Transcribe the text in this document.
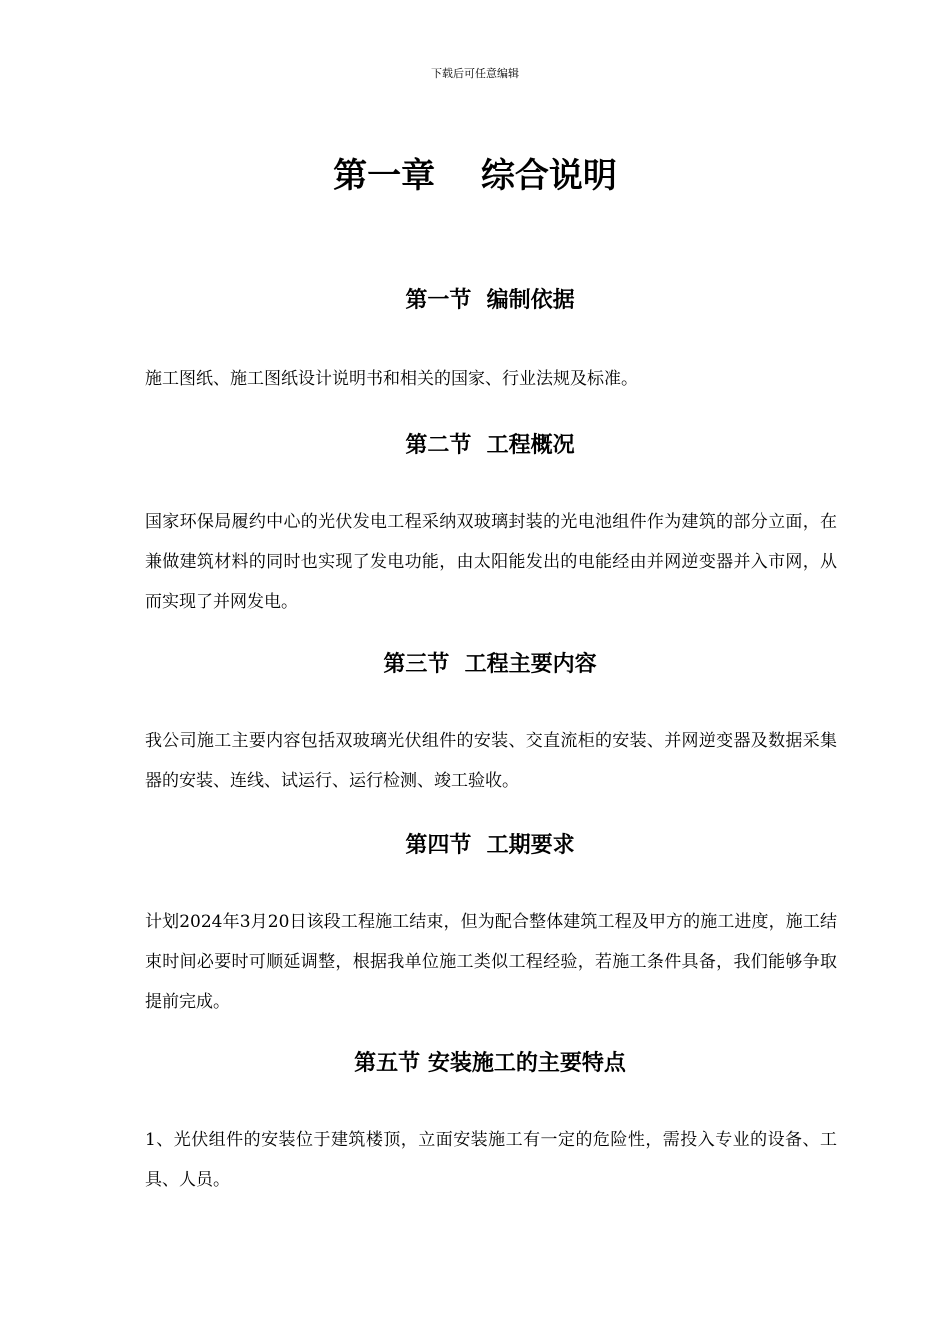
下载后可任意编辑
第一章　 综合说明
第一节  编制依据
施工图纸、施工图纸设计说明书和相关的国家、行业法规及标准。
第二节  工程概况
国家环保局履约中心的光伏发电工程采纳双玻璃封装的光电池组件作为建筑的部分立面，在兼做建筑材料的同时也实现了发电功能，由太阳能发出的电能经由并网逆变器并入市网，从而实现了并网发电。
第三节  工程主要内容
我公司施工主要内容包括双玻璃光伏组件的安装、交直流柜的安装、并网逆变器及数据采集器的安装、连线、试运行、运行检测、竣工验收。
第四节  工期要求
计划2024年3月20日该段工程施工结束，但为配合整体建筑工程及甲方的施工进度，施工结束时间必要时可顺延调整，根据我单位施工类似工程经验，若施工条件具备，我们能够争取提前完成。
第五节 安装施工的主要特点
1、光伏组件的安装位于建筑楼顶，立面安装施工有一定的危险性，需投入专业的设备、工具、人员。
